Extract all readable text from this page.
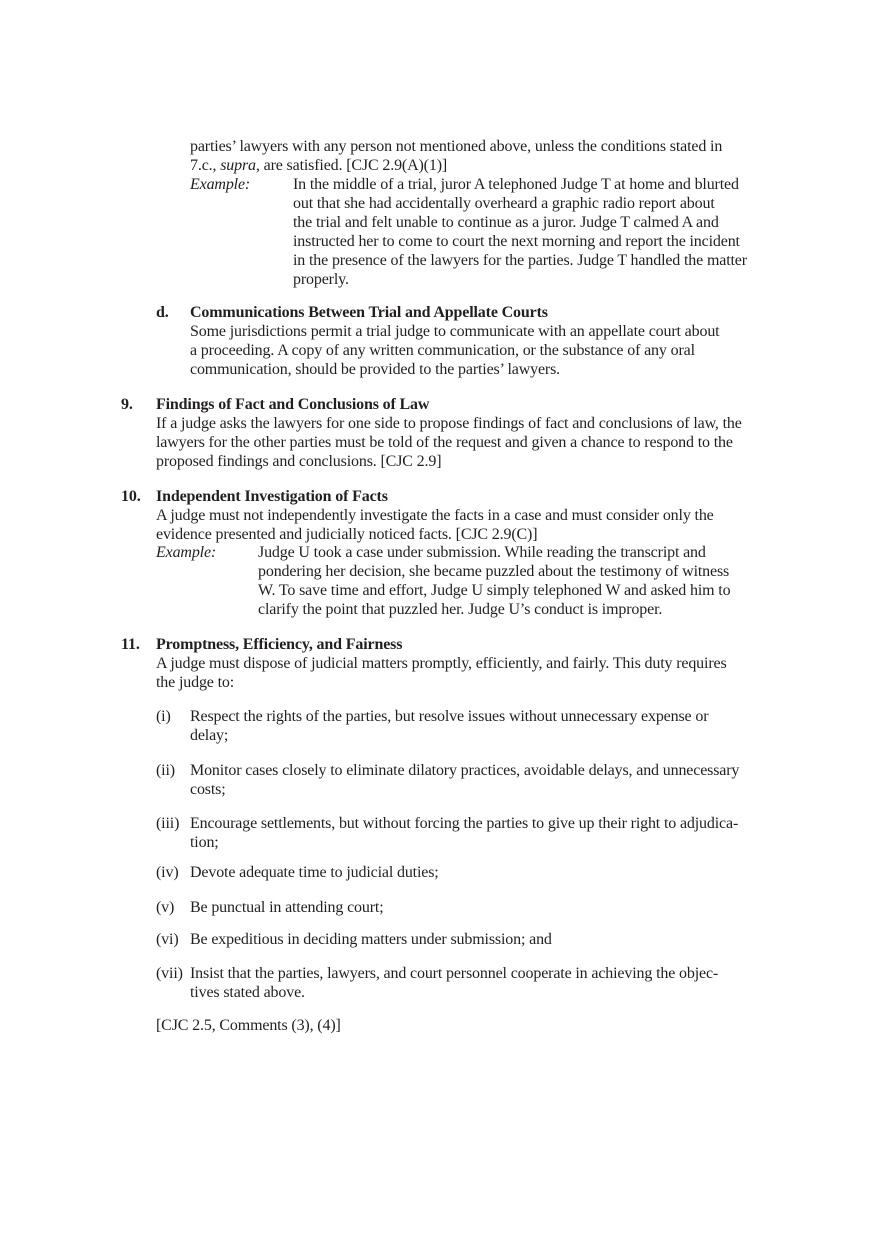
parties’ lawyers with any person not mentioned above, unless the conditions stated in
7.c., supra, are satisfied. [CJC 2.9(A)(1)]
Example:	In the middle of a trial, juror A telephoned Judge T at home and blurted
out that she had accidentally overheard a graphic radio report about
the trial and felt unable to continue as a juror. Judge T calmed A and
instructed her to come to court the next morning and report the incident
in the presence of the lawyers for the parties. Judge T handled the matter
properly.
d. Communications Between Trial and Appellate Courts
Some jurisdictions permit a trial judge to communicate with an appellate court about
a proceeding. A copy of any written communication, or the substance of any oral
communication, should be provided to the parties’ lawyers.
9. Findings of Fact and Conclusions of Law
If a judge asks the lawyers for one side to propose findings of fact and conclusions of law, the
lawyers for the other parties must be told of the request and given a chance to respond to the
proposed findings and conclusions. [CJC 2.9]
10. Independent Investigation of Facts
A judge must not independently investigate the facts in a case and must consider only the
evidence presented and judicially noticed facts. [CJC 2.9(C)]
Example:	Judge U took a case under submission. While reading the transcript and
pondering her decision, she became puzzled about the testimony of witness
W. To save time and effort, Judge U simply telephoned W and asked him to
clarify the point that puzzled her. Judge U’s conduct is improper.
11. Promptness, Efficiency, and Fairness
A judge must dispose of judicial matters promptly, efficiently, and fairly. This duty requires
the judge to:
(i) Respect the rights of the parties, but resolve issues without unnecessary expense or
delay;
(ii) Monitor cases closely to eliminate dilatory practices, avoidable delays, and unnecessary
costs;
(iii) Encourage settlements, but without forcing the parties to give up their right to adjudica-
tion;
(iv) Devote adequate time to judicial duties;
(v) Be punctual in attending court;
(vi) Be expeditious in deciding matters under submission; and
(vii) Insist that the parties, lawyers, and court personnel cooperate in achieving the objec-
tives stated above.
[CJC 2.5, Comments (3), (4)]
